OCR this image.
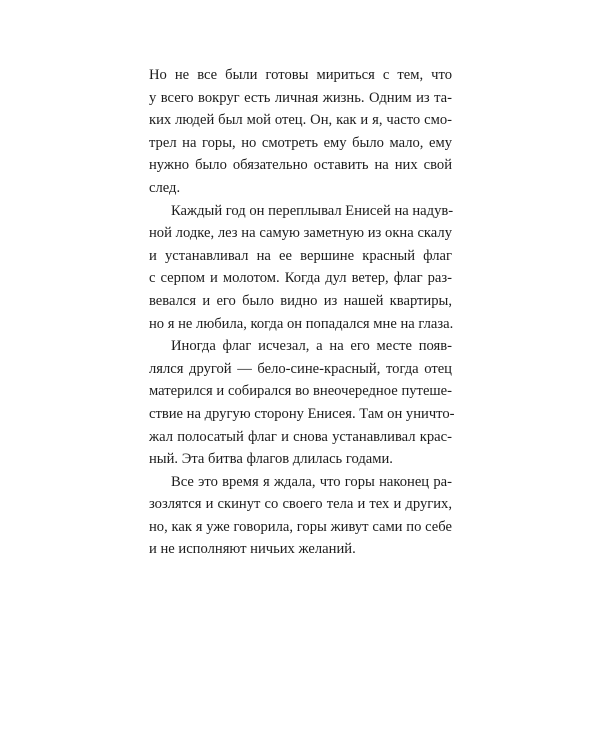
Но не все были готовы мириться с тем, что
у всего вокруг есть личная жизнь. Одним из та-
ких людей был мой отец. Он, как и я, часто смо-
трел на горы, но смотреть ему было мало, ему
нужно было обязательно оставить на них свой
след.

Каждый год он переплывал Енисей на надув-
ной лодке, лез на самую заметную из окна скалу
и устанавливал на ее вершине красный флаг
с серпом и молотом. Когда дул ветер, флаг раз-
вевался и его было видно из нашей квартиры,
но я не любила, когда он попадался мне на глаза.

Иногда флаг исчезал, а на его месте появ-
лялся другой — бело-сине-красный, тогда отец
матерился и собирался во внеочередное путеше-
ствие на другую сторону Енисея. Там он уничто-
жал полосатый флаг и снова устанавливал крас-
ный. Эта битва флагов длилась годами.

Все это время я ждала, что горы наконец ра-
зозлятся и скинут со своего тела и тех и других,
но, как я уже говорила, горы живут сами по себе
и не исполняют ничьих желаний.
